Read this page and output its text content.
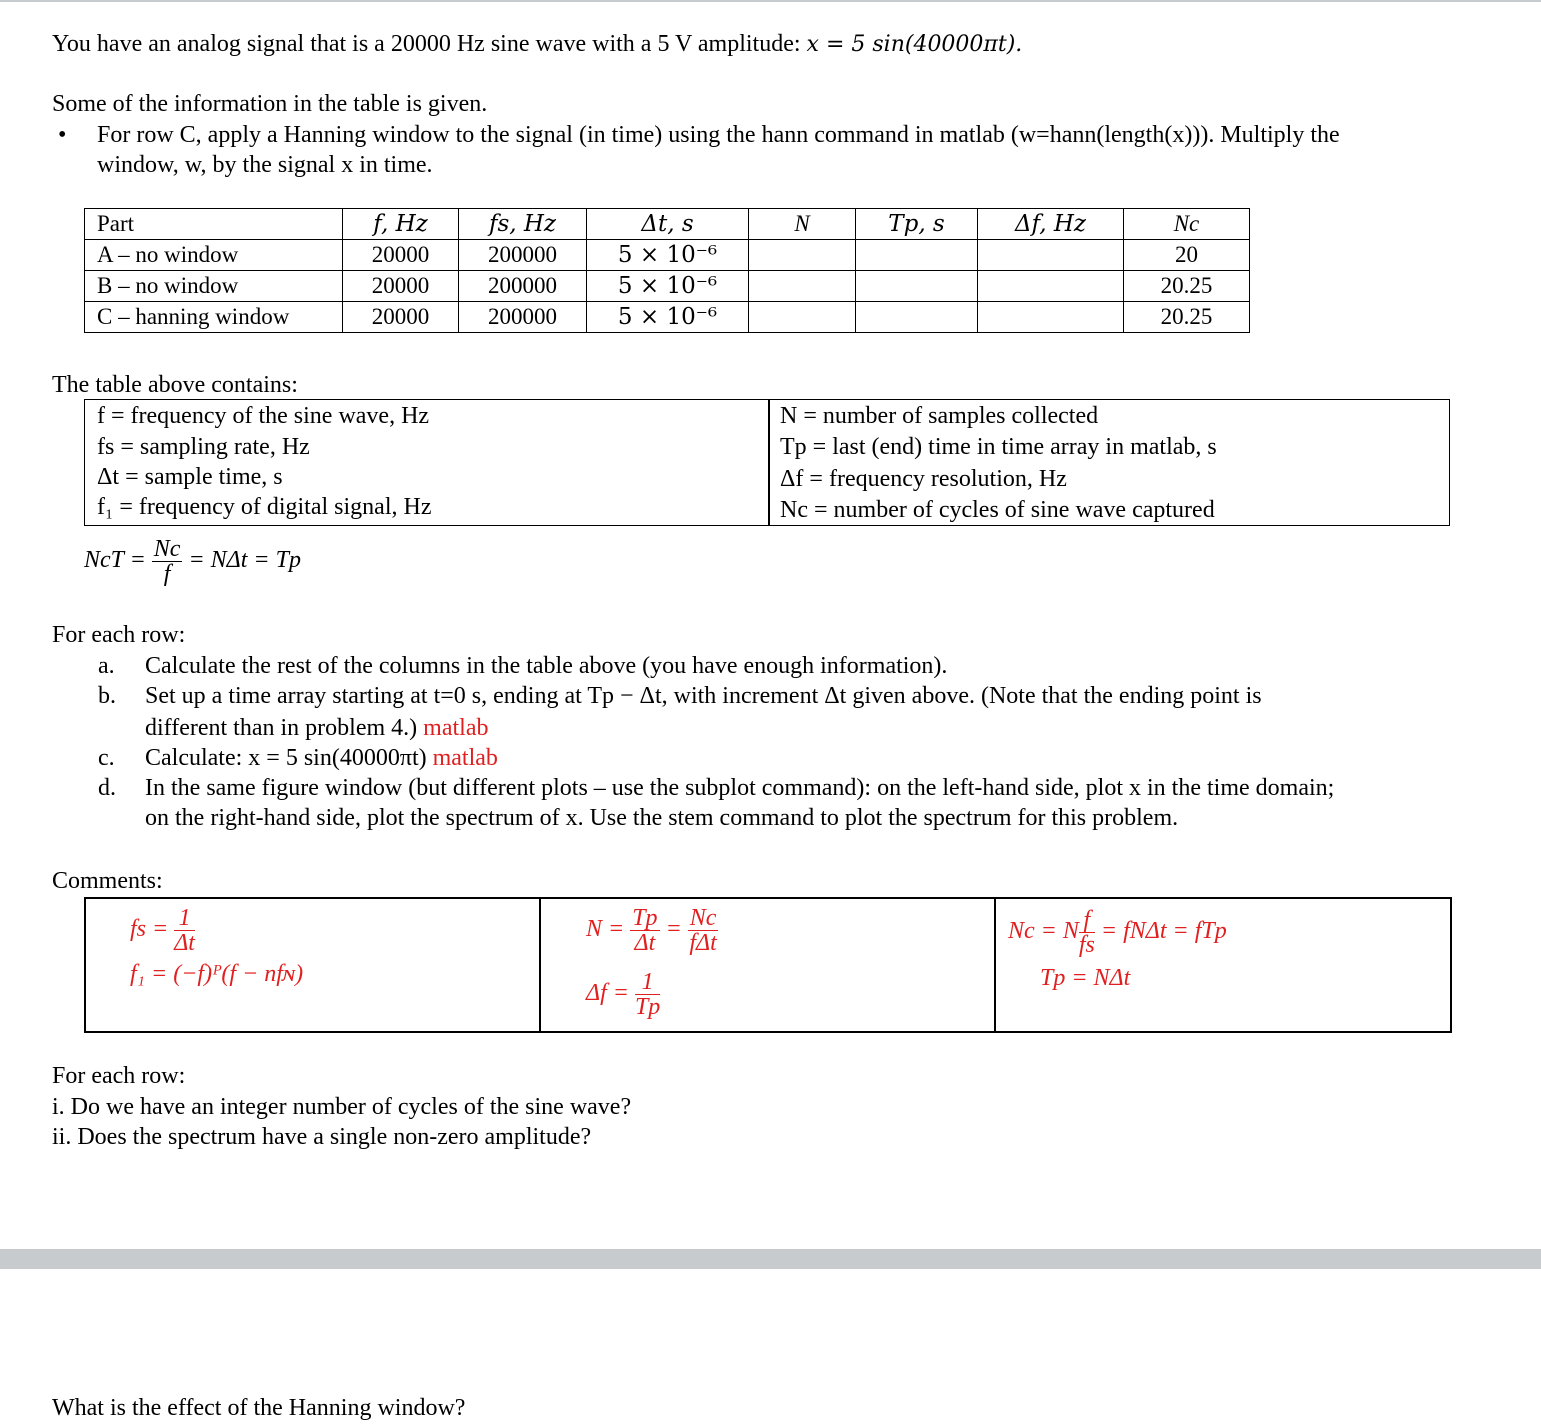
You have an analog signal that is a 20000 Hz sine wave with a 5 V amplitude: x = 5 sin(40000πt).
Some of the information in the table is given.
• For row C, apply a Hanning window to the signal (in time) using the hann command in matlab (w=hann(length(x))). Multiply the
window, w, by the signal x in time.
Part	f, Hz	fs, Hz	Δt, s	N	Tp, s	Δf, Hz	Nc
A – no window	20000	200000	5 × 10⁻⁶				20
B – no window	20000	200000	5 × 10⁻⁶				20.25
C – hanning window	20000	200000	5 × 10⁻⁶				20.25
The table above contains:
f = frequency of the sine wave, Hz
fs = sampling rate, Hz
Δt = sample time, s
f₁ = frequency of digital signal, Hz
N = number of samples collected
Tp = last (end) time in time array in matlab, s
Δf = frequency resolution, Hz
Nc = number of cycles of sine wave captured
NcT = $\frac{Nc}{f} = N\Delta t = Tp$
For each row:
a. Calculate the rest of the columns in the table above (you have enough information).
b. Set up a time array starting at t=0 s, ending at Tp − Δt, with increment Δt given above. (Note that the ending point is
different than in problem 4.) matlab
c. Calculate: x = 5 sin(40000πt) matlab
d. In the same figure window (but different plots – use the subplot command): on the left-hand side, plot x in the time domain;
on the right-hand side, plot the spectrum of x. Use the stem command to plot the spectrum for this problem.
Comments:
fs = $\frac{1}{\Delta t}$
f₁ = (−f)ᴾ(f − nfɴ)
$N = \frac{Tp}{\Delta t} = \frac{Nc}{\text{fΔt}}$
$\Delta f = \frac{1}{Tp}$
Nc = N $\frac{f}{fs} = fN\Delta t$ = fTp
Tp = NΔt
For each row:
i. Do we have an integer number of cycles of the sine wave?
ii. Does the spectrum have a single non-zero amplitude?
What is the effect of the Hanning window?
